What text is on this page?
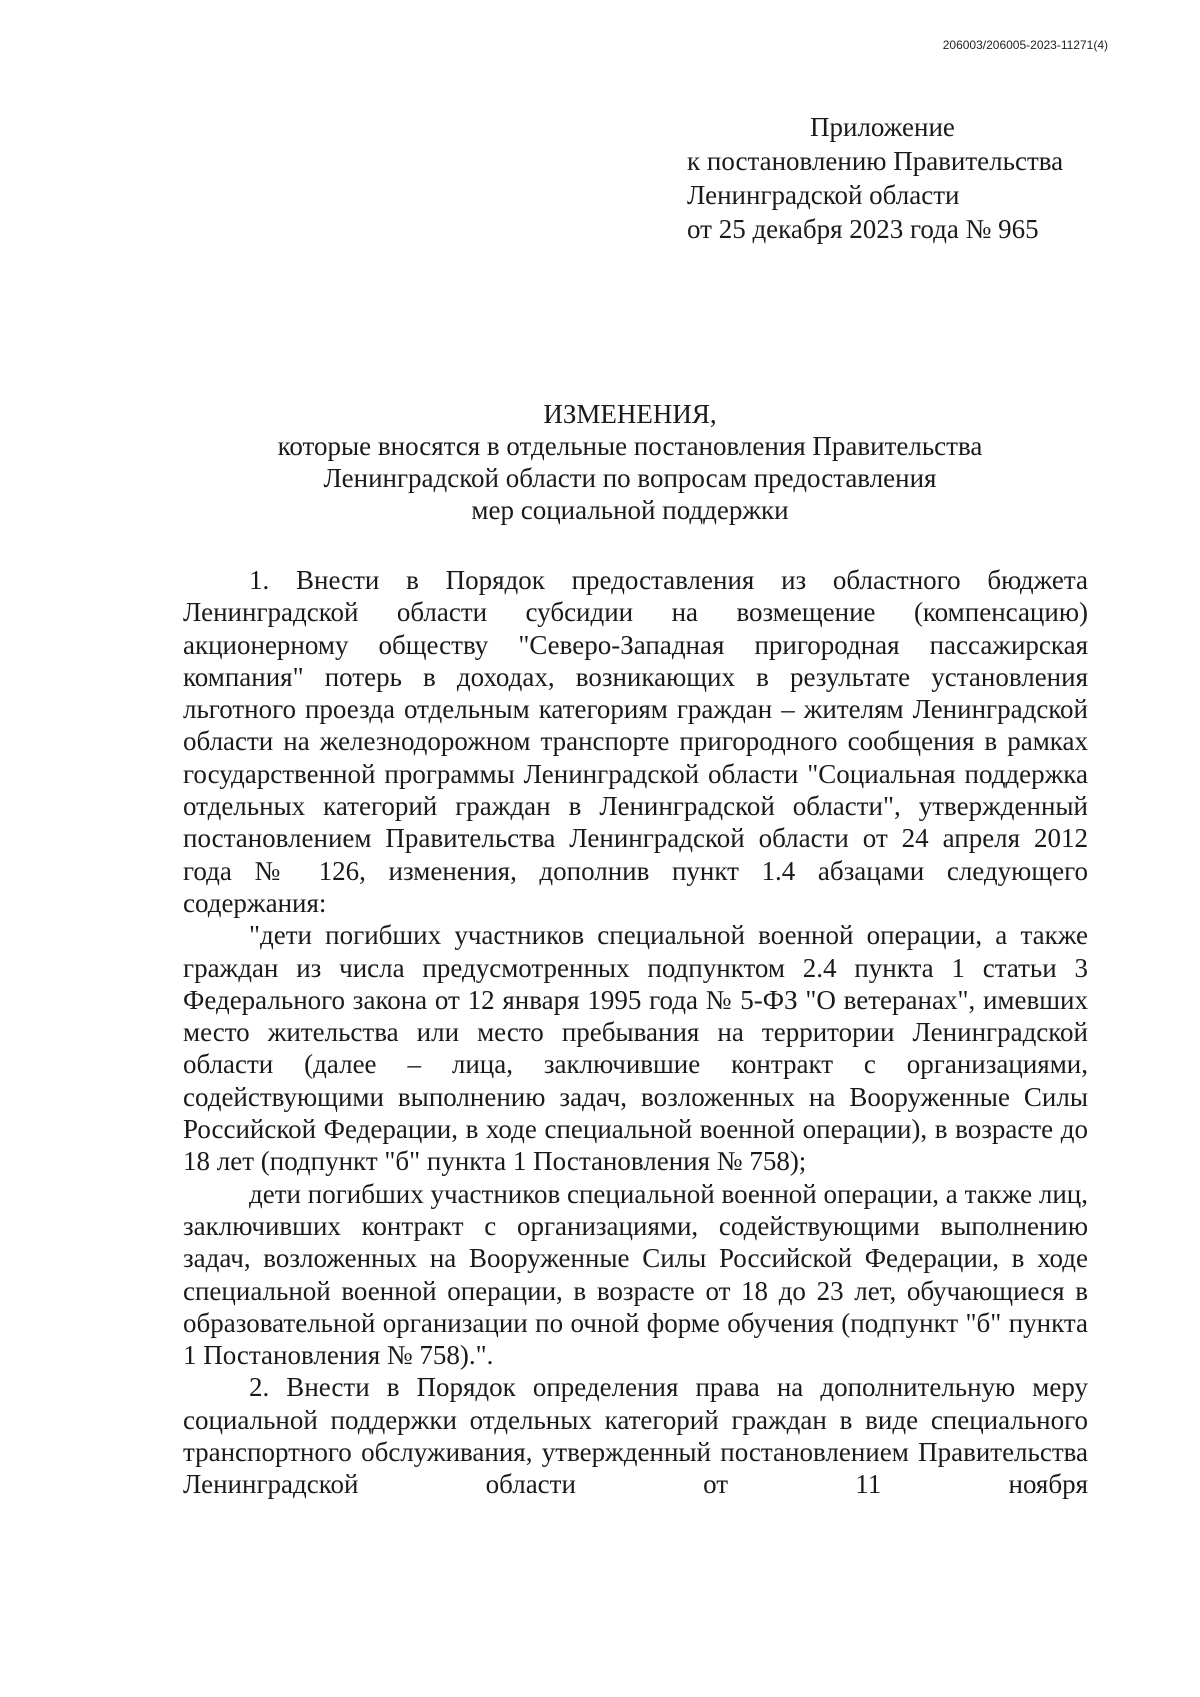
206003/206005-2023-11271(4)
Приложение
к постановлению Правительства
Ленинградской области
от 25 декабря 2023 года № 965
ИЗМЕНЕНИЯ,
которые вносятся в отдельные постановления Правительства
Ленинградской области по вопросам предоставления
мер социальной поддержки

1. Внести в Порядок предоставления из областного бюджета Ленинградской области субсидии на возмещение (компенсацию) акционерному обществу "Северо-Западная пригородная пассажирская компания" потерь в доходах, возникающих в результате установления льготного проезда отдельным категориям граждан – жителям Ленинградской области на железнодорожном транспорте пригородного сообщения в рамках государственной программы Ленинградской области "Социальная поддержка отдельных категорий граждан в Ленинградской области", утвержденный постановлением Правительства Ленинградской области от 24 апреля 2012 года № 126, изменения, дополнив пункт 1.4 абзацами следующего содержания:

"дети погибших участников специальной военной операции, а также граждан из числа предусмотренных подпунктом 2.4 пункта 1 статьи 3 Федерального закона от 12 января 1995 года № 5-ФЗ "О ветеранах", имевших место жительства или место пребывания на территории Ленинградской области (далее – лица, заключившие контракт с организациями, содействующими выполнению задач, возложенных на Вооруженные Силы Российской Федерации, в ходе специальной военной операции), в возрасте до 18 лет (подпункт "б" пункта 1 Постановления № 758);

дети погибших участников специальной военной операции, а также лиц, заключивших контракт с организациями, содействующими выполнению задач, возложенных на Вооруженные Силы Российской Федерации, в ходе специальной военной операции, в возрасте от 18 до 23 лет, обучающиеся в образовательной организации по очной форме обучения (подпункт "б" пункта 1 Постановления № 758).".

2. Внести в Порядок определения права на дополнительную меру социальной поддержки отдельных категорий граждан в виде специального транспортного обслуживания, утвержденный постановлением Правительства Ленинградской области от 11 ноября
